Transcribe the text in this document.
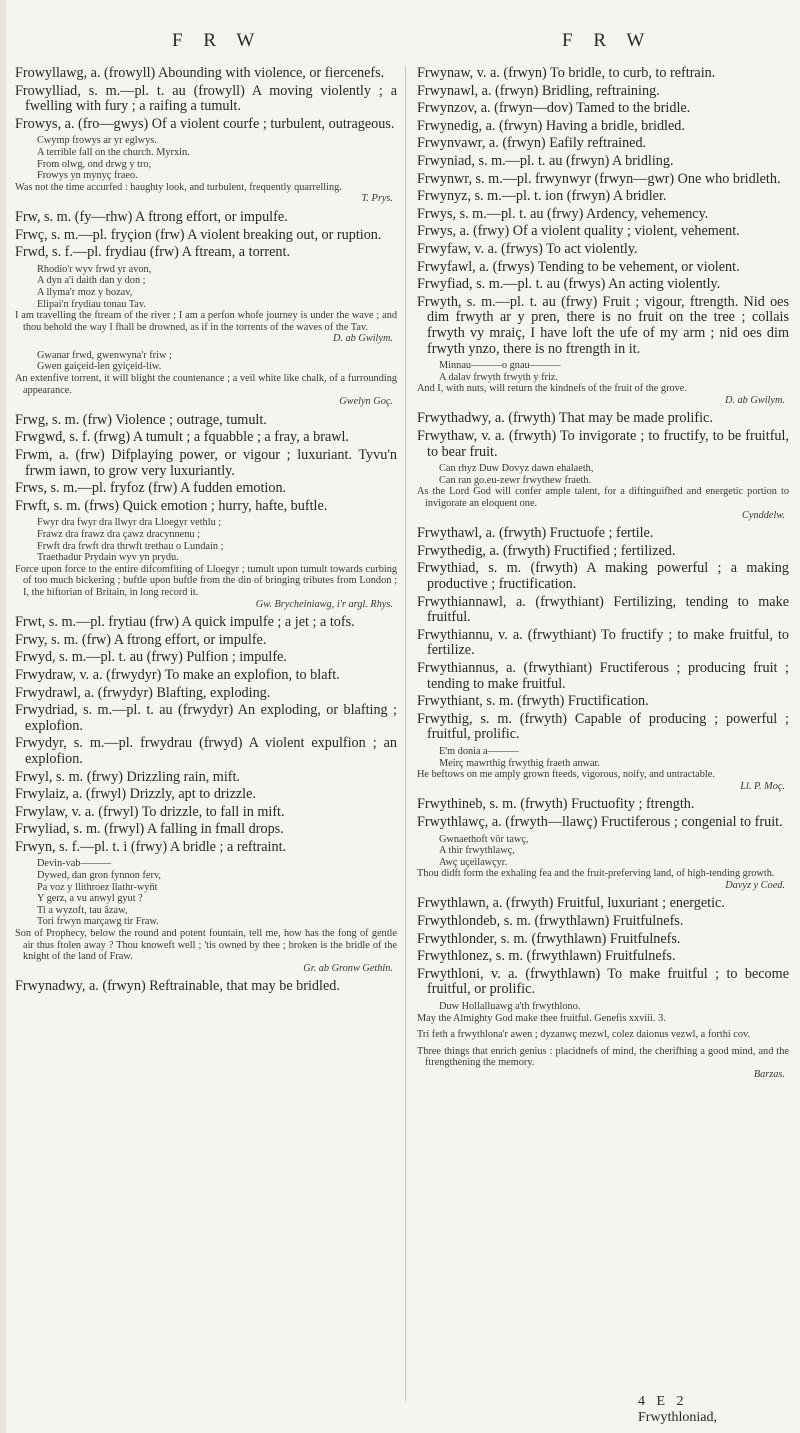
F R W	F R W
Frowyllawg, a. (frowyll) Abounding with violence, or fiercenefs.
Frowylliad, s. m.—pl. t. au (frowyll) A moving violently ; a fwelling with fury ; a raifing a tumult.
Frowys, a. (fro—gwys) Of a violent courfe ; turbulent, outrageous.
Cwymp frowys ar yr eglwys.
A terrible fall on the church. Myrxin.
From olwg, ond drwg y tro,
Frowys yn mynyç fraeo.
Was not the time accurfed : haughty look, and turbulent, frequently quarrelling.
T. Prys.
Frw, s. m. (fy—rhw) A ftrong effort, or impulfe.
Frwç, s. m.—pl. fryçion (frw) A violent breaking out, or ruption.
Frwd, s. f.—pl. frydiau (frw) A ftream, a torrent.
Rhodio'r wyv frwd yr avon,
A dyn a'i daith dan y don ;
A llyma'r moz y bozav,
Elipai'n frydiau tonau Tav.
I am travelling the ftream of the river ; I am a perfon whofe journey is under the wave ; and thou behold the way I fhall be drowned, as if in the torrents of the waves of the Tav.
D. ab Gwilym.
Gwanar frwd, gwenwyna'r friw ;
Gwen gaiçeid-len gyiçeid-liw.
An extenfive torrent, it will blight the countenance ; a veil white like chalk, of a furrounding appearance.
Gwelyn Goç.
Frwg, s. m. (frw) Violence ; outrage, tumult.
Frwgwd, s. f. (frwg) A tumult ; a fquabble ; a fray, a brawl.
Frwm, a. (frw) Difplaying power, or vigour ; luxuriant. Tyvu'n frwm iawn, to grow very luxuriantly.
Frws, s. m.—pl. fryfoz (frw) A fudden emotion.
Frwft, s. m. (frws) Quick emotion ; hurry, hafte, buftle.
Fwyr dra fwyr dra llwyr dra Lloegyr vethlu ;
Frawz dra frawz dra çawz dracynnenu ;
Frwft dra frwft dra thrwft trethau o Lundain ;
Traethadur Prydain wyv yn prydu.
Force upon force to the entire difcomfiting of Lloegyr ; tumult upon tumult towards curbing of too much bickering ; buftle upon buftle from the din of bringing tributes from London ; I, the hiftorian of Britain, in long record it.
Gw. Brycheiniawg, i'r argl. Rhys.
Frwt, s. m.—pl. frytiau (frw) A quick impulfe ; a jet ; a tofs.
Frwy, s. m. (frw) A ftrong effort, or impulfe.
Frwyd, s. m.—pl. t. au (frwy) Pulfion ; impulfe.
Frwydraw, v. a. (frwydyr) To make an explofion, to blaft.
Frwydrawl, a. (frwydyr) Blafting, exploding.
Frwydriad, s. m.—pl. t. au (frwydyr) An exploding, or blafting ; explofion.
Frwydyr, s. m.—pl. frwydrau (frwyd) A violent expulfion ; an explofion.
Frwyl, s. m. (frwy) Drizzling rain, mift.
Frwylaiz, a. (frwyl) Drizzly, apt to drizzle.
Frwylaw, v. a. (frwyl) To drizzle, to fall in mift.
Frwyliad, s. m. (frwyl) A falling in fmall drops.
Frwyn, s. f.—pl. t. i (frwy) A bridle ; a reftraint.
Devin-vab———
Dywed, dan gron fynnon ferv,
Pa voz y llithroez llathr-wyn̄t
Y gerz, a vu anwyl gyut ?
Ti a wyzoft, tau âzaw,
Tori frwyn marçawg tir Fraw.
Son of Prophecy, below the round and potent fountain, tell me, how has the fong of gentle air thus ftolen away ? Thou knoweft well ; 'tis owned by thee ; broken is the bridle of the knight of the land of Fraw.
Gr. ab Gronw Gethin.
Frwynadwy, a. (frwyn) Reftrainable, that may be bridled.
Frwynaw, v. a. (frwyn) To bridle, to curb, to reftrain.
Frwynawl, a. (frwyn) Bridling, reftraining.
Frwynzov, a. (frwyn—dov) Tamed to the bridle.
Frwynedig, a. (frwyn) Having a bridle, bridled.
Frwynvawr, a. (frwyn) Eafily reftrained.
Frwyniad, s. m.—pl. t. au (frwyn) A bridling.
Frwynwr, s. m.—pl. frwynwyr (frwyn—gwr) One who bridleth.
Frwynyz, s. m.—pl. t. ion (frwyn) A bridler.
Frwys, s. m.—pl. t. au (frwy) Ardency, vehemency.
Frwys, a. (frwy) Of a violent quality ; violent, vehement.
Frwyfaw, v. a. (frwys) To act violently.
Frwyfawl, a. (frwys) Tending to be vehement, or violent.
Frwyfiad, s. m.—pl. t. au (frwys) An acting violently.
Frwyth, s. m.—pl. t. au (frwy) Fruit ; vigour, ftrength. Nid oes dim frwyth ar y pren, there is no fruit on the tree ; collais frwyth vy mraiç, I have loft the ufe of my arm ; nid oes dim frwyth ynzo, there is no ftrength in it.
Minnau———o gnau———
A dalav frwyth frwyth y friz.
And I, with nuts, will return the kindnefs of the fruit of the grove.
D. ab Gwilym.
Frwythadwy, a. (frwyth) That may be made prolific.
Frwythaw, v. a. (frwyth) To invigorate ; to fructify, to be fruitful, to bear fruit.
Can rhyz Duw Dovyz dawn ehalaeth,
Can ran go.eu-zewr frwythew fraeth.
As the Lord God will confer ample talent, for a diftinguifhed and energetic portion to invigorate an eloquent one.
Cynddelw.
Frwythawl, a. (frwyth) Fructuofe ; fertile.
Frwythedig, a. (frwyth) Fructified ; fertilized.
Frwythiad, s. m. (frwyth) A making powerful ; a making productive ; fructification.
Frwythiannawl, a. (frwythiant) Fertilizing, tending to make fruitful.
Frwythiannu, v. a. (frwythiant) To fructify ; to make fruitful, to fertilize.
Frwythiannus, a. (frwythiant) Fructiferous ; producing fruit ; tending to make fruitful.
Frwythiant, s. m. (frwyth) Fructification.
Frwythig, s. m. (frwyth) Capable of producing ; powerful ; fruitful, prolific.
E'm donia a———
Meirç mawrthig frwythig fraeth anwar.
He beftows on me amply grown fteeds, vigorous, noify, and untractable.
Ll. P. Moç.
Frwythineb, s. m. (frwyth) Fructuofity ; ftrength.
Frwythlawç, a. (frwyth—llawç) Fructiferous ; congenial to fruit.
Gwnaethoft vôr tawç,
A thir frwythlawç,
Awç uçeilawçyr.
Thou didft form the exhaling fea and the fruit-preferving land, of high-tending growth.
Davyz y Coed.
Frwythlawn, a. (frwyth) Fruitful, luxuriant ; energetic.
Frwythlondeb, s. m. (frwythlawn) Fruitfulnefs.
Frwythlonder, s. m. (frwythlawn) Fruitfulnefs.
Frwythlonez, s. m. (frwythlawn) Fruitfulnefs.
Frwythloni, v. a. (frwythlawn) To make fruitful ; to become fruitful, or prolific.
Duw Hollalluawg a'th frwythlono.
May the Almighty God make thee fruitful. Genefis xxviii. 3.
Tri feth a frwythlona'r awen ; dyzanwç mezwl, colez daionus vezwl, a forthi cov.
Three things that enrich genius : placidnefs of mind, the cherifhing a good mind, and the ftrengthening the memory.
Barzas.
4 E 2 Frwythloniad,
